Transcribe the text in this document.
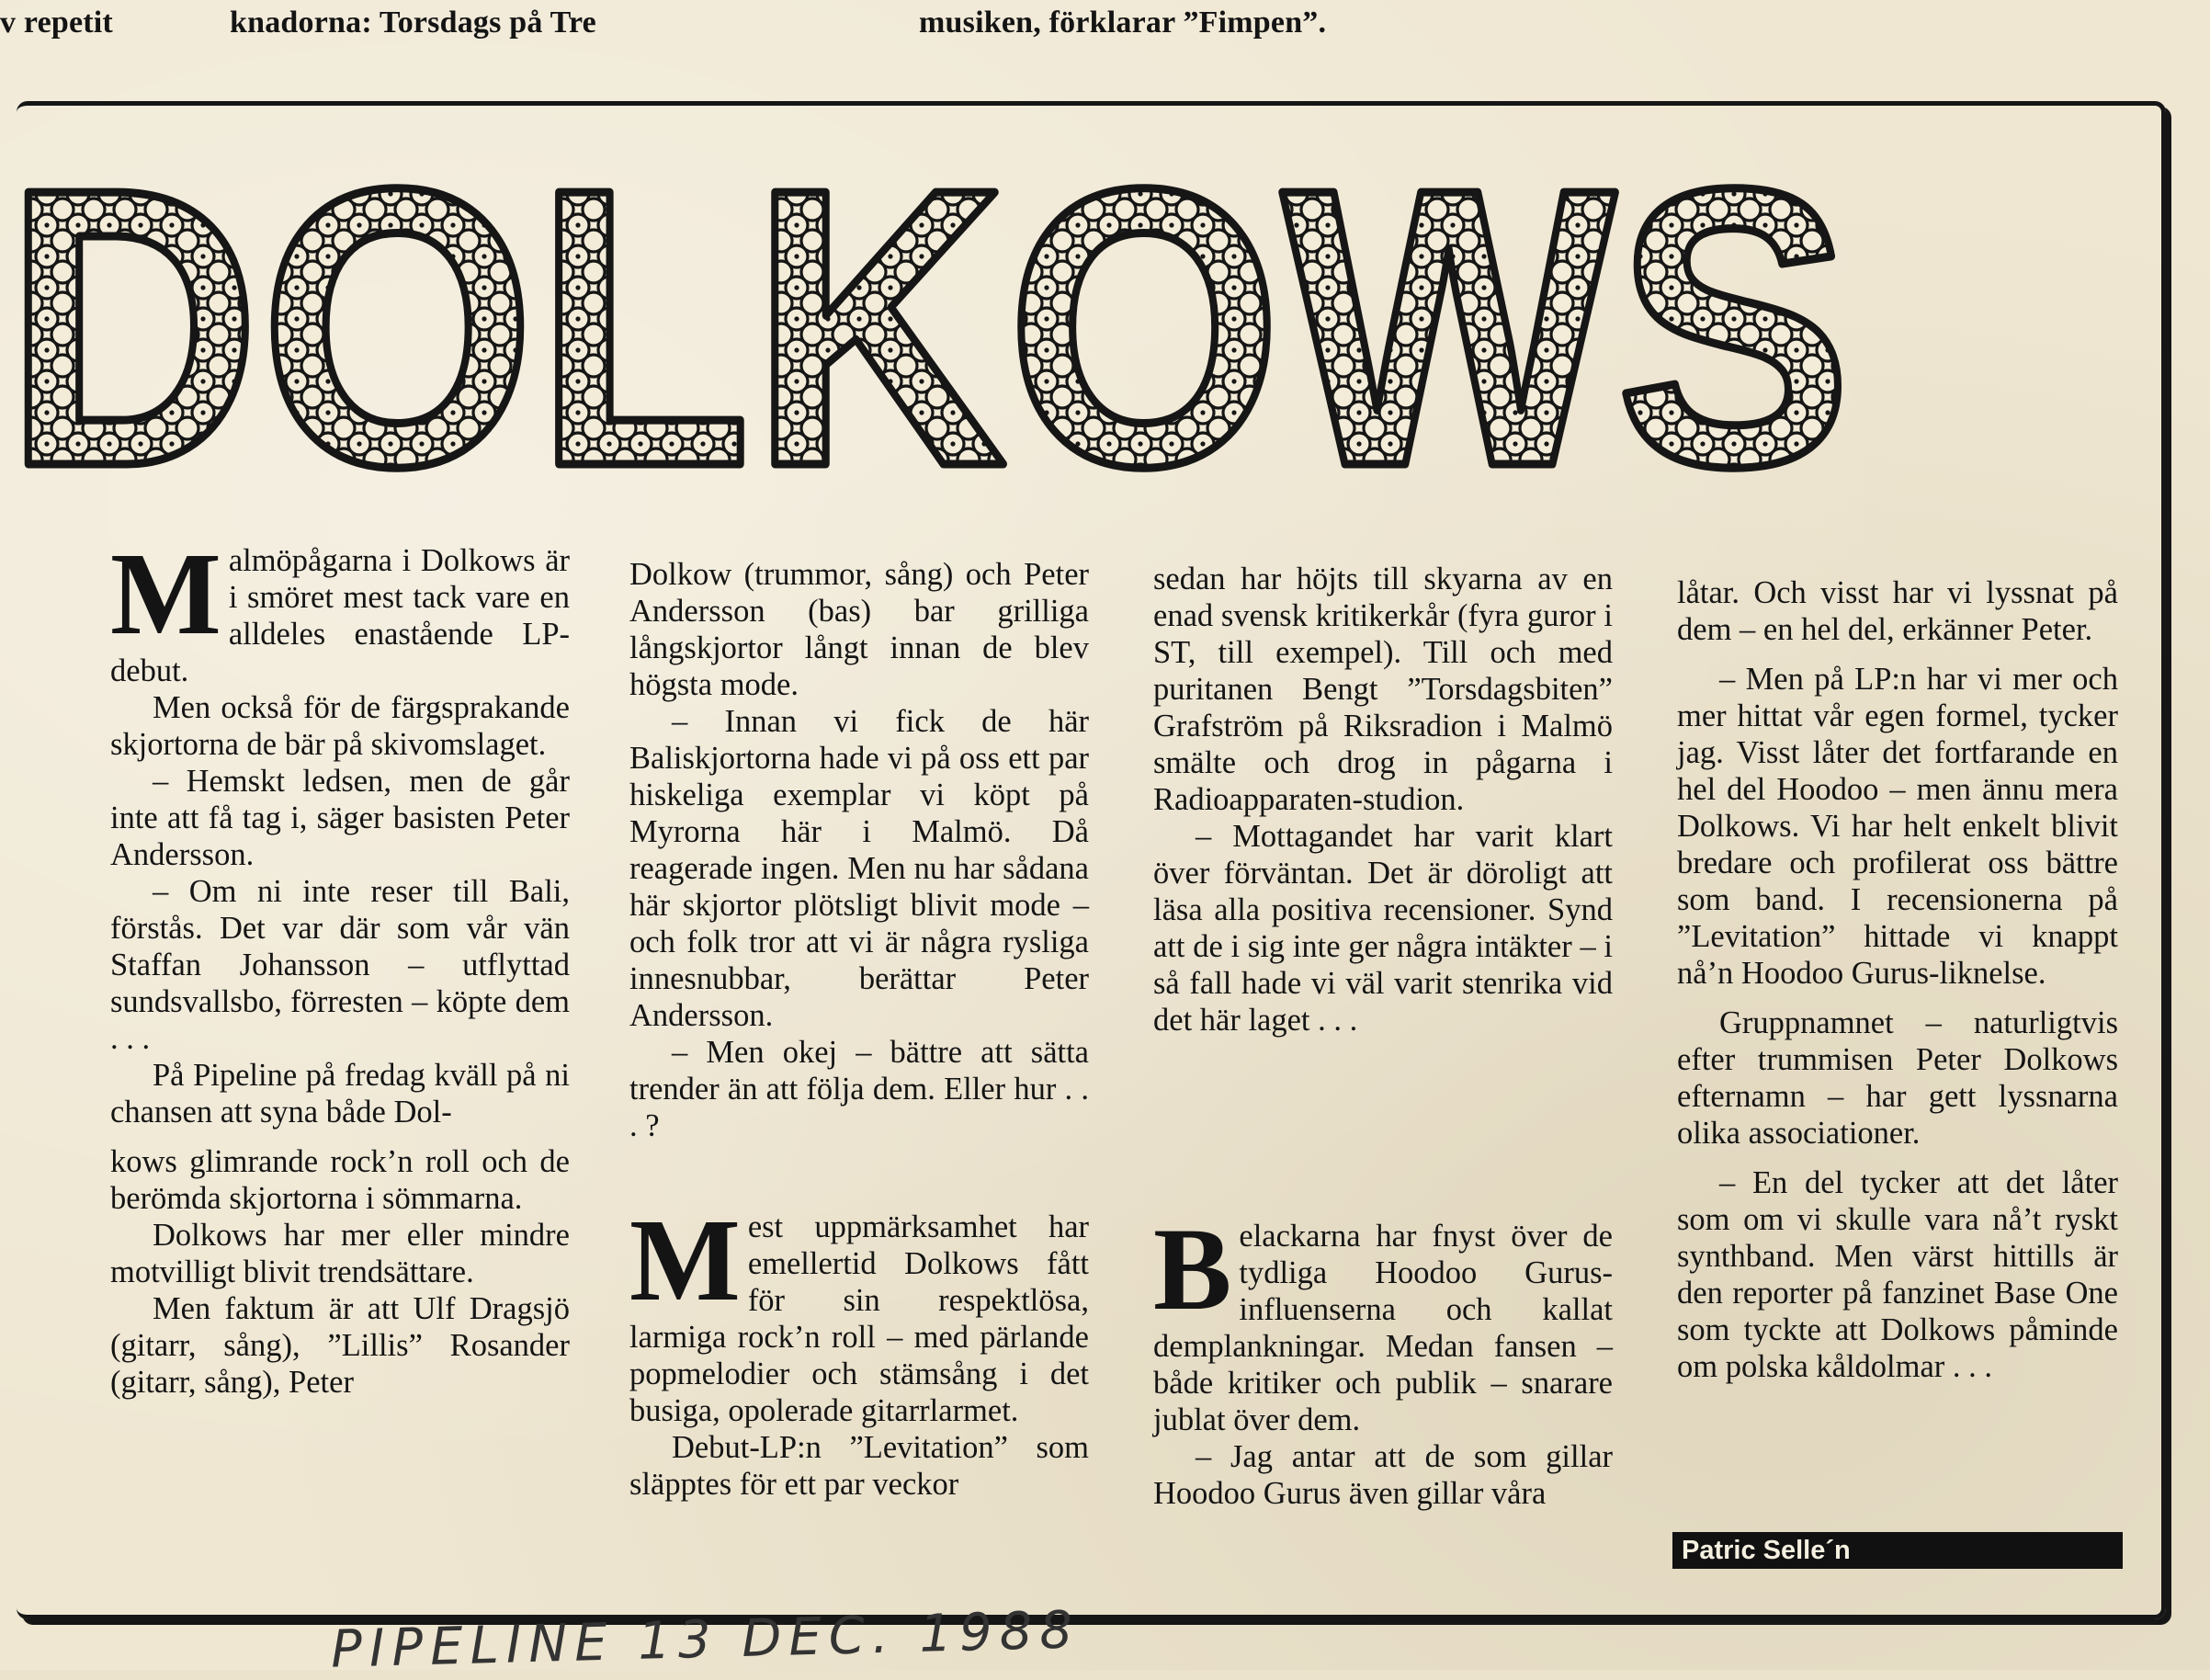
v repetit	knadorna: Torsdags på Tre	musiken, förklarar ”Fimpen”.

DOLKOWS

Malmöpågarna i Dolkows är i smöret mest tack vare en alldeles enastående LP-debut.

Men också för de färgsprakande skjortorna de bär på skivomslaget.

– Hemskt ledsen, men de går inte att få tag i, säger basisten Peter Andersson.

– Om ni inte reser till Bali, förstås. Det var där som vår vän Staffan Johansson – utflyttad sundsvallsbo, förresten – köpte dem . . .

På Pipeline på fredag kväll på ni chansen att syna både Dol-

kows glimrande rock’n roll och de berömda skjortorna i sömmarna.

Dolkows har mer eller mindre motvilligt blivit trendsättare.

Men faktum är att Ulf Dragsjö (gitarr, sång), ”Lillis” Rosander (gitarr, sång), Peter

Dolkow (trummor, sång) och Peter Andersson (bas) bar grilliga långskjortor långt innan de blev högsta mode.

– Innan vi fick de här Baliskjortorna hade vi på oss ett par hiskeliga exemplar vi köpt på Myrorna här i Malmö. Då reagerade ingen. Men nu har sådana här skjortor plötsligt blivit mode – och folk tror att vi är några rysliga innesnubbar, berättar Peter Andersson.

– Men okej – bättre att sätta trender än att följa dem. Eller hur . . . ?

Mest uppmärksamhet har emellertid Dolkows fått för sin respektlösa, larmiga rock’n roll – med pärlande popmelodier och stämsång i det busiga, opolerade gitarrlarmet.

Debut-LP:n ”Levitation” som släpptes för ett par veckor

sedan har höjts till skyarna av en enad svensk kritikerkår (fyra guror i ST, till exempel). Till och med puritanen Bengt ”Torsdagsbiten” Grafström på Riksradion i Malmö smälte och drog in pågarna i Radioapparaten-studion.

– Mottagandet har varit klart över förväntan. Det är döroligt att läsa alla positiva recensioner. Synd att de i sig inte ger några intäkter – i så fall hade vi väl varit stenrika vid det här laget . . .

Belackarna har fnyst över de tydliga Hoodoo Gurus-influenserna och kallat demplankningar. Medan fansen – både kritiker och publik – snarare jublat över dem.

– Jag antar att de som gillar Hoodoo Gurus även gillar våra

låtar. Och visst har vi lyssnat på dem – en hel del, erkänner Peter.

– Men på LP:n har vi mer och mer hittat vår egen formel, tycker jag. Visst låter det fortfarande en hel del Hoodoo – men ännu mera Dolkows. Vi har helt enkelt blivit bredare och profilerat oss bättre som band. I recensionerna på ”Levitation” hittade vi knappt nå’n Hoodoo Gurus-liknelse.

Gruppnamnet – naturligtvis efter trummisen Peter Dolkows efternamn – har gett lyssnarna olika associationer.

– En del tycker att det låter som om vi skulle vara nå’t ryskt synthband. Men värst hittills är den reporter på fanzinet Base One som tyckte att Dolkows påminde om polska kåldolmar . . .

Patric Selle´n
PIPELINE 13 DEC. 1988
